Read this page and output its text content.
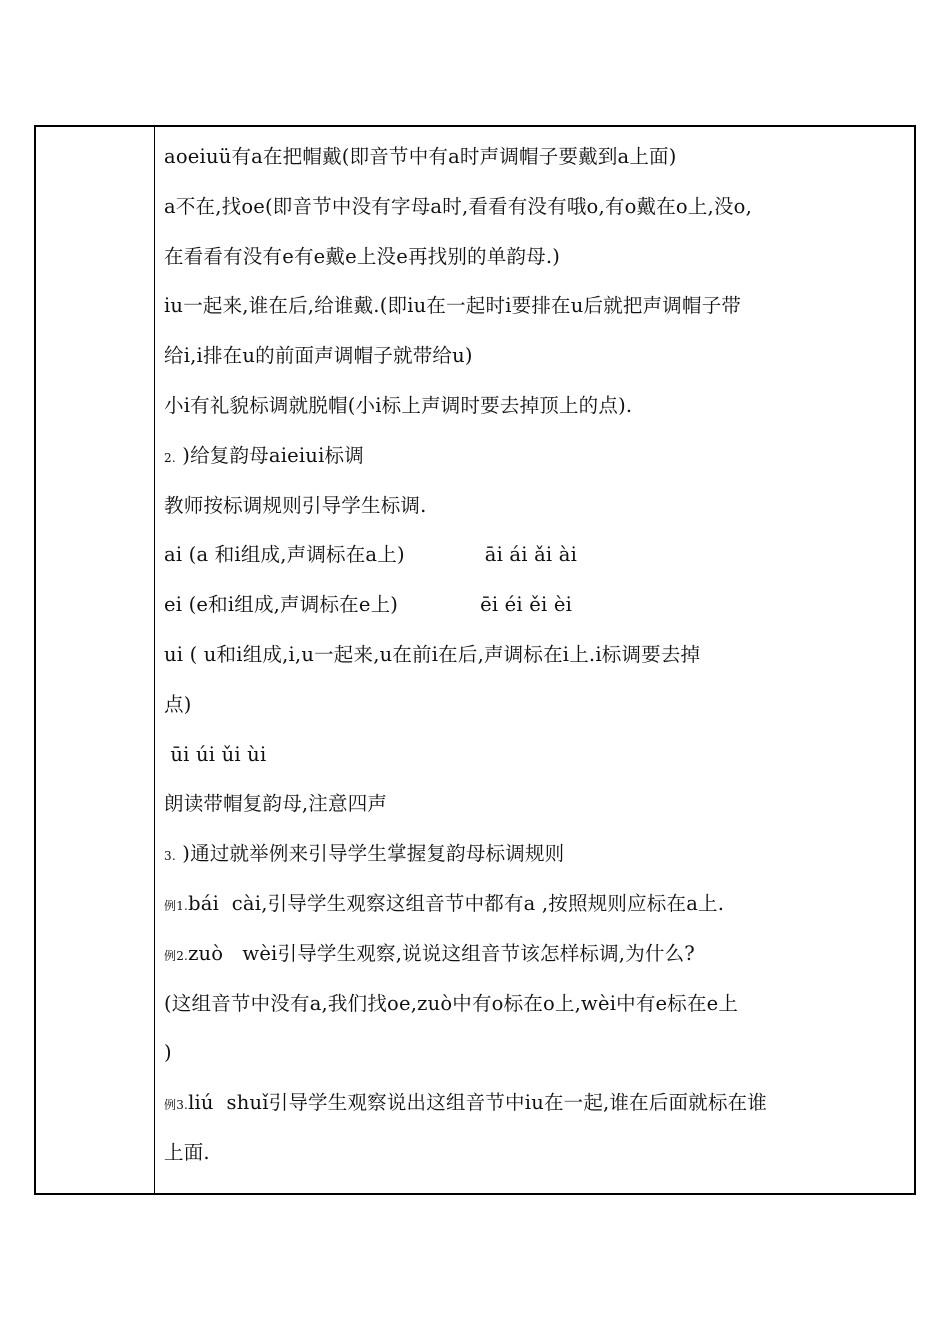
aoeiuü有a在把帽戴(即音节中有a时声调帽子要戴到a上面)
a不在,找oe(即音节中没有字母a时,看看有没有哦o,有o戴在o上,没o,
在看看有没有e有e戴e上没e再找别的单韵母.)
iu一起来,谁在后,给谁戴.(即iu在一起时i要排在u后就把声调帽子带
给i,i排在u的前面声调帽子就带给u)
小i有礼貌标调就脱帽(小i标上声调时要去掉顶上的点).
2. )给复韵母aieiui标调
教师按标调规则引导学生标调.
ai (a 和i组成,声调标在a上)	āi ái ǎi ài
ei (e和i组成,声调标在e上)	ēi éi ěi èi
ui ( u和i组成,i,u一起来,u在前i在后,声调标在i上.i标调要去掉
点)
ūi úi ǔi ùi
朗读带帽复韵母,注意四声
3. )通过就举例来引导学生掌握复韵母标调规则
例1.bái  cài,引导学生观察这组音节中都有a ,按照规则应标在a上.
例2.zuò   wèi引导学生观察,说说这组音节该怎样标调,为什么?
(这组音节中没有a,我们找oe,zuò中有o标在o上,wèi中有e标在e上
)
例3.liú  shuǐ引导学生观察说出这组音节中iu在一起,谁在后面就标在谁
上面.
